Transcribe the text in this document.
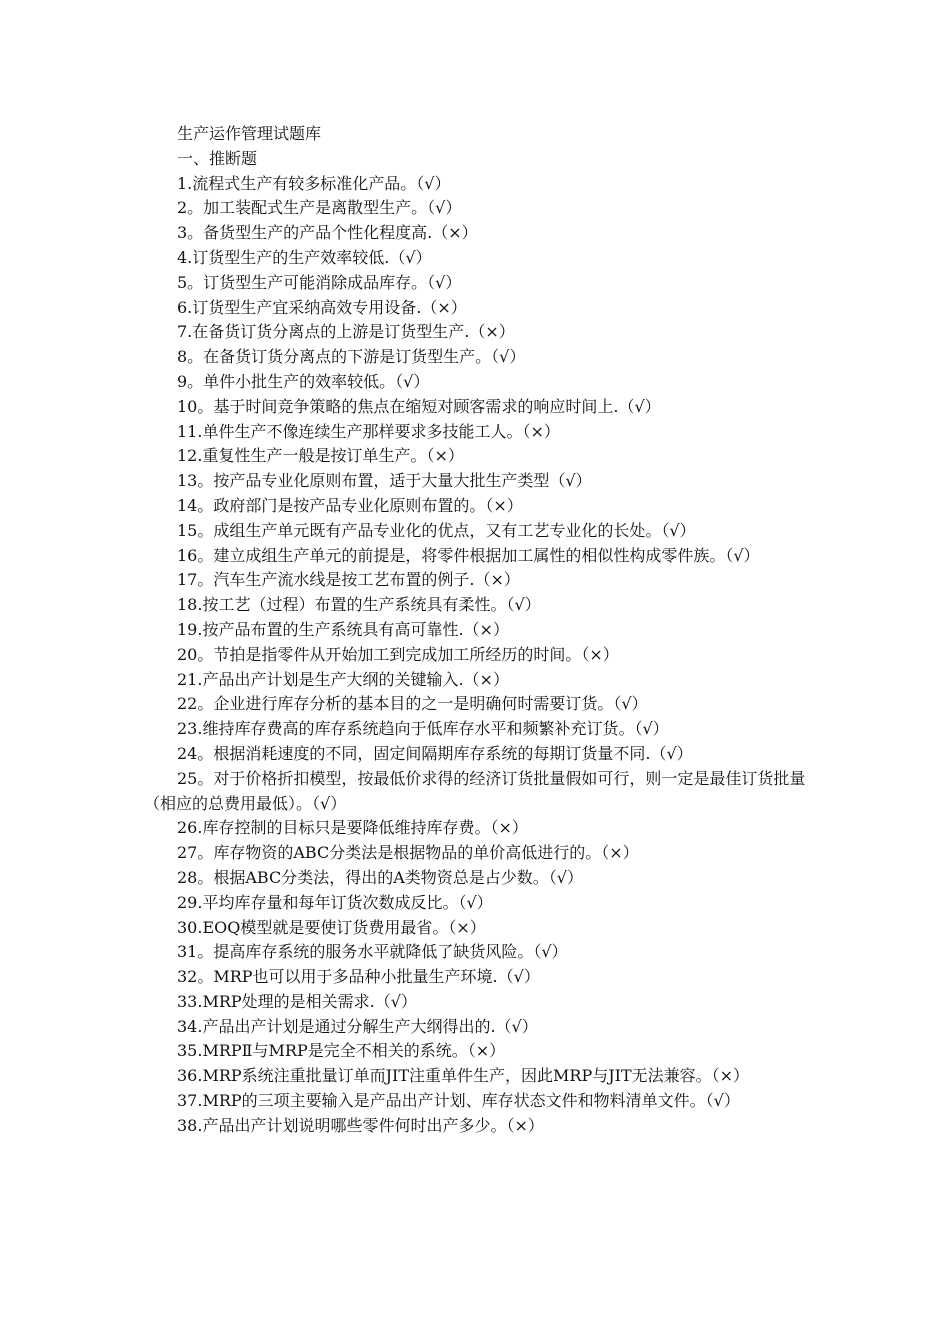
生产运作管理试题库
一、推断题
1.流程式生产有较多标准化产品。（√）
2。加工装配式生产是离散型生产。（√）
3。备货型生产的产品个性化程度高.（×）
4.订货型生产的生产效率较低.（√）
5。订货型生产可能消除成品库存。（√）
6.订货型生产宜采纳高效专用设备.（×）
7.在备货订货分离点的上游是订货型生产.（×）
8。在备货订货分离点的下游是订货型生产。（√）
9。单件小批生产的效率较低。（√）
10。基于时间竞争策略的焦点在缩短对顾客需求的响应时间上.（√）
11.单件生产不像连续生产那样要求多技能工人。（×）
12.重复性生产一般是按订单生产。（×）
13。按产品专业化原则布置，适于大量大批生产类型（√）
14。政府部门是按产品专业化原则布置的。（×）
15。成组生产单元既有产品专业化的优点，又有工艺专业化的长处。（√）
16。建立成组生产单元的前提是，将零件根据加工属性的相似性构成零件族。（√）
17。汽车生产流水线是按工艺布置的例子.（×）
18.按工艺（过程）布置的生产系统具有柔性。（√）
19.按产品布置的生产系统具有高可靠性.（×）
20。节拍是指零件从开始加工到完成加工所经历的时间。（×）
21.产品出产计划是生产大纲的关键输入.（×）
22。企业进行库存分析的基本目的之一是明确何时需要订货。（√）
23.维持库存费高的库存系统趋向于低库存水平和频繁补充订货。（√）
24。根据消耗速度的不同，固定间隔期库存系统的每期订货量不同.（√）
25。对于价格折扣模型，按最低价求得的经济订货批量假如可行，则一定是最佳订货批量（相应的总费用最低）。（√）
26.库存控制的目标只是要降低维持库存费。（×）
27。库存物资的ABC分类法是根据物品的单价高低进行的。（×）
28。根据ABC分类法，得出的A类物资总是占少数。（√）
29.平均库存量和每年订货次数成反比。（√）
30.EOQ模型就是要使订货费用最省。（×）
31。提高库存系统的服务水平就降低了缺货风险。（√）
32。MRP也可以用于多品种小批量生产环境.（√）
33.MRP处理的是相关需求.（√）
34.产品出产计划是通过分解生产大纲得出的.（√）
35.MRPⅡ与MRP是完全不相关的系统。（×）
36.MRP系统注重批量订单而JIT注重单件生产，因此MRP与JIT无法兼容。（×）
37.MRP的三项主要输入是产品出产计划、库存状态文件和物料清单文件。（√）
38.产品出产计划说明哪些零件何时出产多少。（×）
